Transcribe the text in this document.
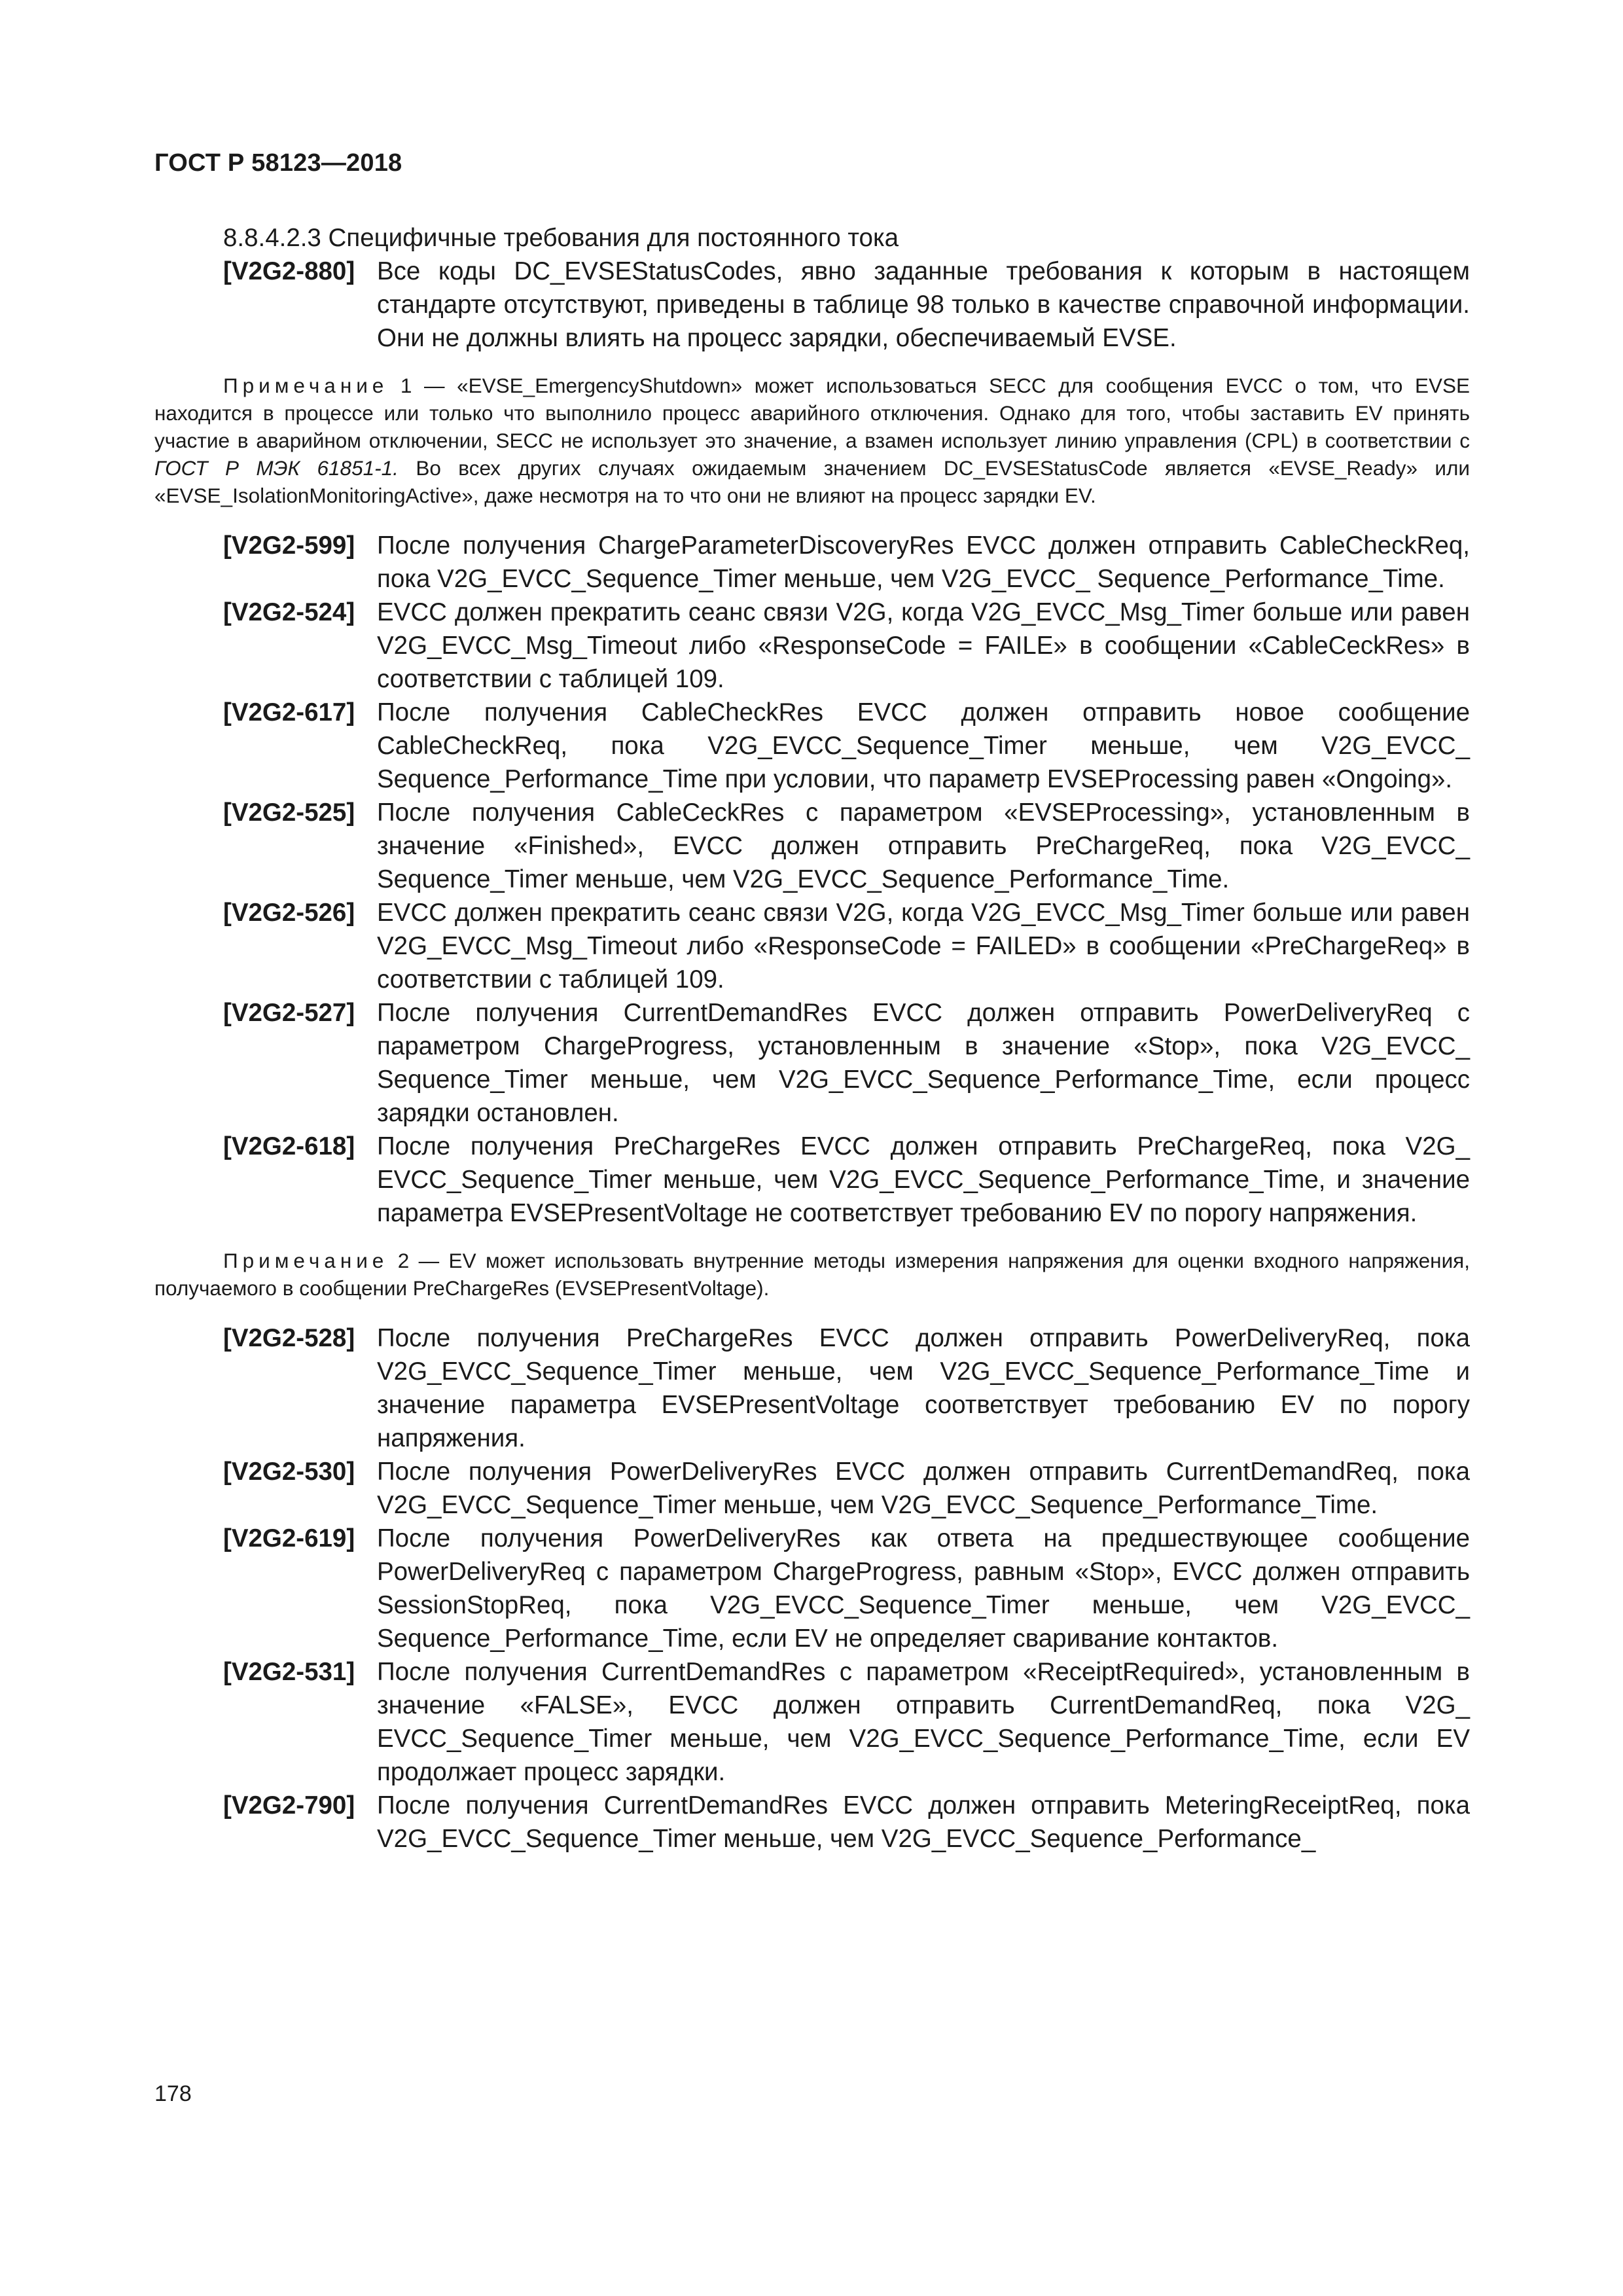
ГОСТ Р 58123—2018

8.8.4.2.3 Специфичные требования для постоянного тока

[V2G2-880] Все коды DC_EVSEStatusCodes, явно заданные требования к которым в настоящем стандарте отсутствуют, приведены в таблице 98 только в качестве справочной информации. Они не должны влиять на процесс зарядки, обеспечиваемый EVSE.

Примечание 1 — «EVSE_EmergencyShutdown» может использоваться SECC для сообщения EVCC о том, что EVSE находится в процессе или только что выполнило процесс аварийного отключения. Однако для того, чтобы заставить EV принять участие в аварийном отключении, SECC не использует это значение, а взамен использует линию управления (CPL) в соответствии с ГОСТ Р МЭК 61851-1. Во всех других случаях ожидаемым значением DC_EVSEStatusCode является «EVSE_Ready» или «EVSE_IsolationMonitoringActive», даже несмотря на то что они не влияют на процесс зарядки EV.

[V2G2-599] После получения ChargeParameterDiscoveryRes EVCC должен отправить CableCheckReq, пока V2G_EVCC_Sequence_Timer меньше, чем V2G_EVCC_ Sequence_Performance_Time.
[V2G2-524] EVCC должен прекратить сеанс связи V2G, когда V2G_EVCC_Msg_Timer больше или равен V2G_EVCC_Msg_Timeout либо «ResponseCode = FAILE» в сообщении «CableCeckRes» в соответствии с таблицей 109.
[V2G2-617] После получения CableCheckRes EVCC должен отправить новое сообщение CableCheckReq, пока V2G_EVCC_Sequence_Timer меньше, чем V2G_EVCC_ Sequence_Performance_Time при условии, что параметр EVSEProcessing равен «Ongoing».
[V2G2-525] После получения CableCeckRes с параметром «EVSEProcessing», установленным в значение «Finished», EVCC должен отправить PreChargeReq, пока V2G_EVCC_ Sequence_Timer меньше, чем V2G_EVCC_Sequence_Performance_Time.
[V2G2-526] EVCC должен прекратить сеанс связи V2G, когда V2G_EVCC_Msg_Timer больше или равен V2G_EVCC_Msg_Timeout либо «ResponseCode = FAILED» в сообщении «PreChargeReq» в соответствии с таблицей 109.
[V2G2-527] После получения CurrentDemandRes EVCC должен отправить PowerDeliveryReq с параметром ChargeProgress, установленным в значение «Stop», пока V2G_EVCC_ Sequence_Timer меньше, чем V2G_EVCC_Sequence_Performance_Time, если процесс зарядки остановлен.
[V2G2-618] После получения PreChargeRes EVCC должен отправить PreChargeReq, пока V2G_ EVCC_Sequence_Timer меньше, чем V2G_EVCC_Sequence_Performance_Time, и значение параметра EVSEPresentVoltage не соответствует требованию EV по порогу напряжения.

Примечание 2 — EV может использовать внутренние методы измерения напряжения для оценки входного напряжения, получаемого в сообщении PreChargeRes (EVSEPresentVoltage).

[V2G2-528] После получения PreChargeRes EVCC должен отправить PowerDeliveryReq, пока V2G_EVCC_Sequence_Timer меньше, чем V2G_EVCC_Sequence_Performance_Time и значение параметра EVSEPresentVoltage соответствует требованию EV по порогу напряжения.
[V2G2-530] После получения PowerDeliveryRes EVCC должен отправить CurrentDemandReq, пока V2G_EVCC_Sequence_Timer меньше, чем V2G_EVCC_Sequence_Performance_Time.
[V2G2-619] После получения PowerDeliveryRes как ответа на предшествующее сообщение PowerDeliveryReq с параметром ChargeProgress, равным «Stop», EVCC должен отправить SessionStopReq, пока V2G_EVCC_Sequence_Timer меньше, чем V2G_EVCC_ Sequence_Performance_Time, если EV не определяет сваривание контактов.
[V2G2-531] После получения CurrentDemandRes с параметром «ReceiptRequired», установленным в значение «FALSE», EVCC должен отправить CurrentDemandReq, пока V2G_ EVCC_Sequence_Timer меньше, чем V2G_EVCC_Sequence_Performance_Time, если EV продолжает процесс зарядки.
[V2G2-790] После получения CurrentDemandRes EVCC должен отправить MeteringReceiptReq, пока V2G_EVCC_Sequence_Timer меньше, чем V2G_EVCC_Sequence_Performance_
178
